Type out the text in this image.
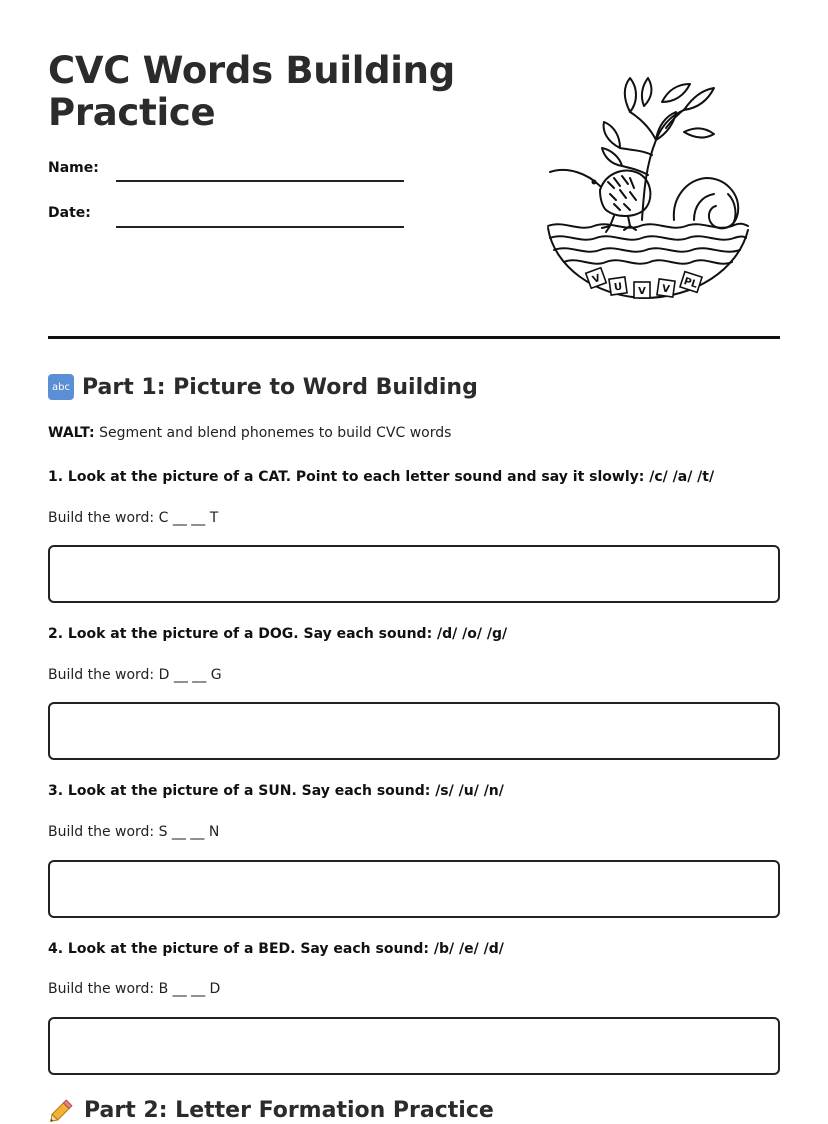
CVC Words Building Practice
Name:
Date:
V
U V V PL
abc Part 1: Picture to Word Building
WALT: Segment and blend phonemes to build CVC words
1. Look at the picture of a CAT. Point to each letter sound and say it slowly: /c/ /a/ /t/
Build the word: C __ __ T
2. Look at the picture of a DOG. Say each sound: /d/ /o/ /g/
Build the word: D __ __ G
3. Look at the picture of a SUN. Say each sound: /s/ /u/ /n/
Build the word: S __ __ N
4. Look at the picture of a BED. Say each sound: /b/ /e/ /d/
Build the word: B __ __ D
Part 2: Letter Formation Practice
